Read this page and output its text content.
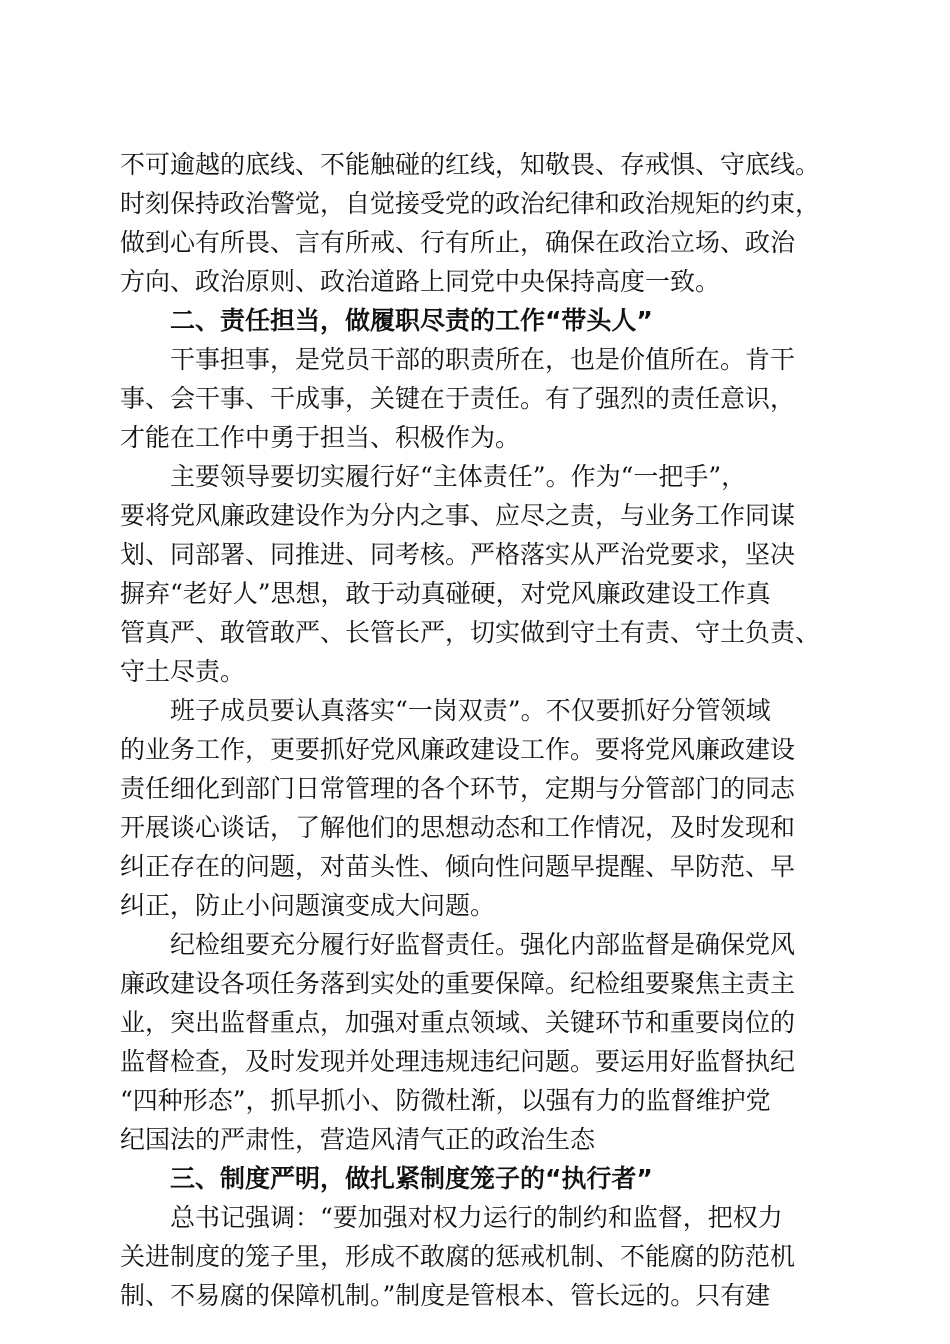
不可逾越的底线、不能触碰的红线，知敬畏、存戒惧、守底线。
时刻保持政治警觉，自觉接受党的政治纪律和政治规矩的约束，
做到心有所畏、言有所戒、行有所止，确保在政治立场、政治
方向、政治原则、政治道路上同党中央保持高度一致。
二、责任担当，做履职尽责的工作“带头人”
干事担事，是党员干部的职责所在，也是价值所在。肯干
事、会干事、干成事，关键在于责任。有了强烈的责任意识，
才能在工作中勇于担当、积极作为。
主要领导要切实履行好“主体责任”。作为“一把手”，
要将党风廉政建设作为分内之事、应尽之责，与业务工作同谋
划、同部署、同推进、同考核。严格落实从严治党要求，坚决
摒弃“老好人”思想，敢于动真碰硬，对党风廉政建设工作真
管真严、敢管敢严、长管长严，切实做到守土有责、守土负责、
守土尽责。
班子成员要认真落实“一岗双责”。不仅要抓好分管领域
的业务工作，更要抓好党风廉政建设工作。要将党风廉政建设
责任细化到部门日常管理的各个环节，定期与分管部门的同志
开展谈心谈话，了解他们的思想动态和工作情况，及时发现和
纠正存在的问题，对苗头性、倾向性问题早提醒、早防范、早
纠正，防止小问题演变成大问题。
纪检组要充分履行好监督责任。强化内部监督是确保党风
廉政建设各项任务落到实处的重要保障。纪检组要聚焦主责主
业，突出监督重点，加强对重点领域、关键环节和重要岗位的
监督检查，及时发现并处理违规违纪问题。要运用好监督执纪
“四种形态”，抓早抓小、防微杜渐，以强有力的监督维护党
纪国法的严肃性，营造风清气正的政治生态
三、制度严明，做扎紧制度笼子的“执行者”
总书记强调：“要加强对权力运行的制约和监督，把权力
关进制度的笼子里，形成不敢腐的惩戒机制、不能腐的防范机
制、不易腐的保障机制。”制度是管根本、管长远的。只有建
